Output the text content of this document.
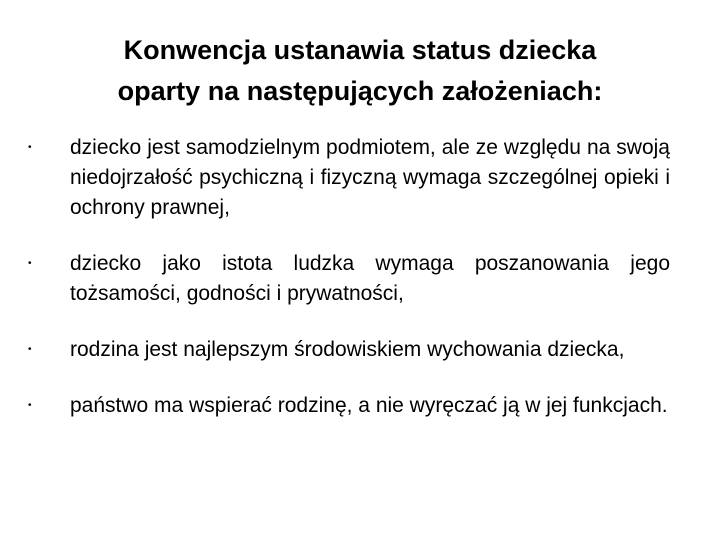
Konwencja ustanawia status dziecka
oparty na następujących założeniach:
• dziecko jest samodzielnym podmiotem, ale ze względu na swoją niedojrzałość psychiczną i fizyczną wymaga szczególnej opieki i ochrony prawnej,
• dziecko jako istota ludzka wymaga poszanowania jego tożsamości, godności i prywatności,
• rodzina jest najlepszym środowiskiem wychowania dziecka,
• państwo ma wspierać rodzinę, a nie wyręczać ją w jej funkcjach.
